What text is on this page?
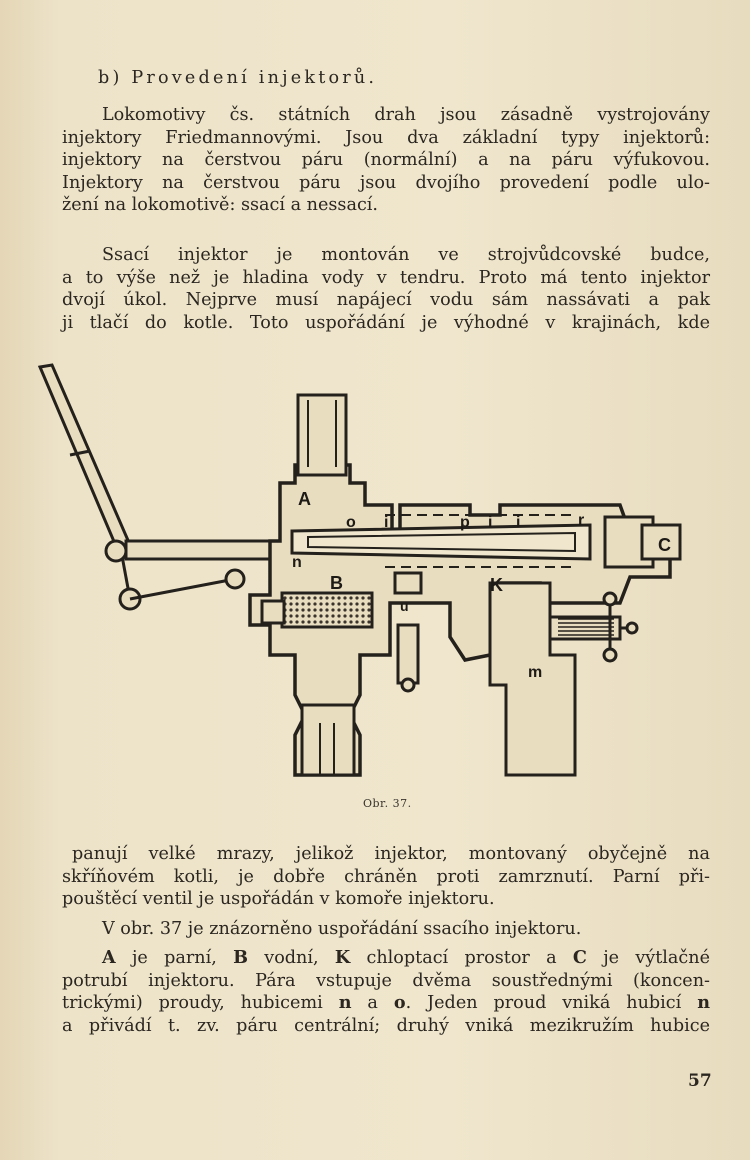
b) Provedení injektorů.
Lokomotivy čs. státních drah jsou zásadně vystrojovány
injektory Friedmannovými. Jsou dva základní typy injektorů:
injektory na čerstvou páru (normální) a na páru výfukovou.
Injektory na čerstvou páru jsou dvojího provedení podle ulo-
žení na lokomotivě: ssací a nessací.
Ssací injektor je montován ve strojvůdcovské budce,
a to výše než je hladina vody v tendru. Proto má tento injektor
dvojí úkol. Nejprve musí napájecí vodu sám nassávati a pak
ji tlačí do kotle. Toto uspořádání je výhodné v krajinách, kde
A
B	K
C
o
n
i	p i i	r
m
u
Obr. 37.
panují velké mrazy, jelikož injektor, montovaný obyčejně na
skříňovém kotli, je dobře chráněn proti zamrznutí. Parní při-
pouštěcí ventil je uspořádán v komoře injektoru.
V obr. 37 je znázorněno uspořádání ssacího injektoru.
A je parní, B vodní, K chloptací prostor a C je výtlačné
potrubí injektoru. Pára vstupuje dvěma soustřednými (koncen-
trickými) proudy, hubicemi n a o. Jeden proud vniká hubicí n
a přivádí t. zv. páru centrální; druhý vniká mezikružím hubice
57
